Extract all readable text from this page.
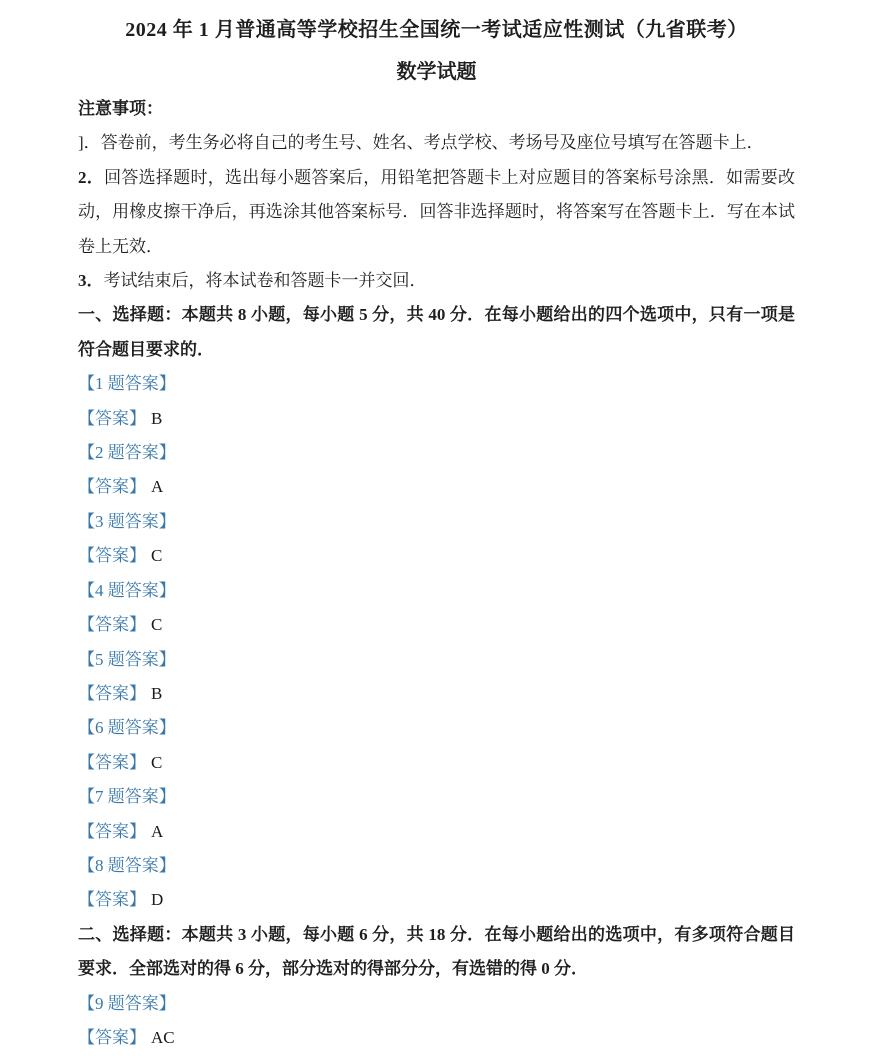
2024 年 1 月普通高等学校招生全国统一考试适应性测试（九省联考）
数学试题
注意事项：

]．答卷前，考生务必将自己的考生号、姓名、考点学校、考场号及座位号填写在答题卡上．

2．回答选择题时，选出每小题答案后，用铅笔把答题卡上对应题目的答案标号涂黑．如需要改动，用橡皮擦干净后，再选涂其他答案标号．回答非选择题时，将答案写在答题卡上．写在本试卷上无效．

3．考试结束后，将本试卷和答题卡一并交回．

一、选择题：本题共 8 小题，每小题 5 分，共 40 分．在每小题给出的四个选项中，只有一项是符合题目要求的．

【1 题答案】

【答案】 B

【2 题答案】

【答案】 A

【3 题答案】

【答案】 C

【4 题答案】

【答案】 C

【5 题答案】

【答案】 B

【6 题答案】

【答案】 C

【7 题答案】

【答案】 A

【8 题答案】

【答案】 D

二、选择题：本题共 3 小题，每小题 6 分，共 18 分．在每小题给出的选项中，有多项符合题目要求．全部选对的得 6 分，部分选对的得部分分，有选错的得 0 分．

【9 题答案】

【答案】 AC
